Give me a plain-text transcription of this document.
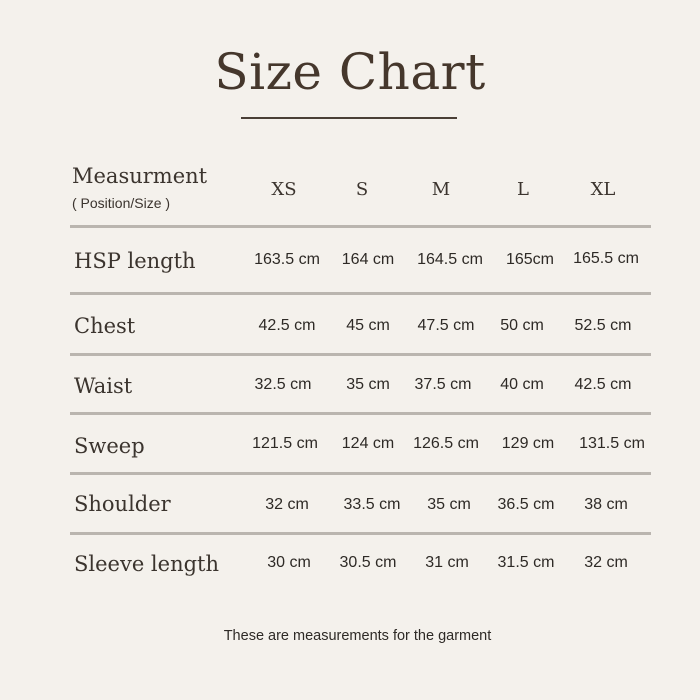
Size Chart
Measurment
( Position/Size )
XS	S	M	L	XL
HSP length	163.5 cm	164 cm	164.5 cm	165cm	165.5 cm
Chest	42.5 cm	45 cm	47.5 cm	50 cm	52.5 cm
Waist	32.5 cm	35 cm	37.5 cm	40 cm	42.5 cm
Sweep	121.5 cm	124 cm	126.5 cm	129 cm	131.5 cm
Shoulder	32 cm	33.5 cm	35 cm	36.5 cm	38 cm
Sleeve length	30 cm	30.5 cm	31 cm	31.5 cm	32 cm
These are measurements for the garment
